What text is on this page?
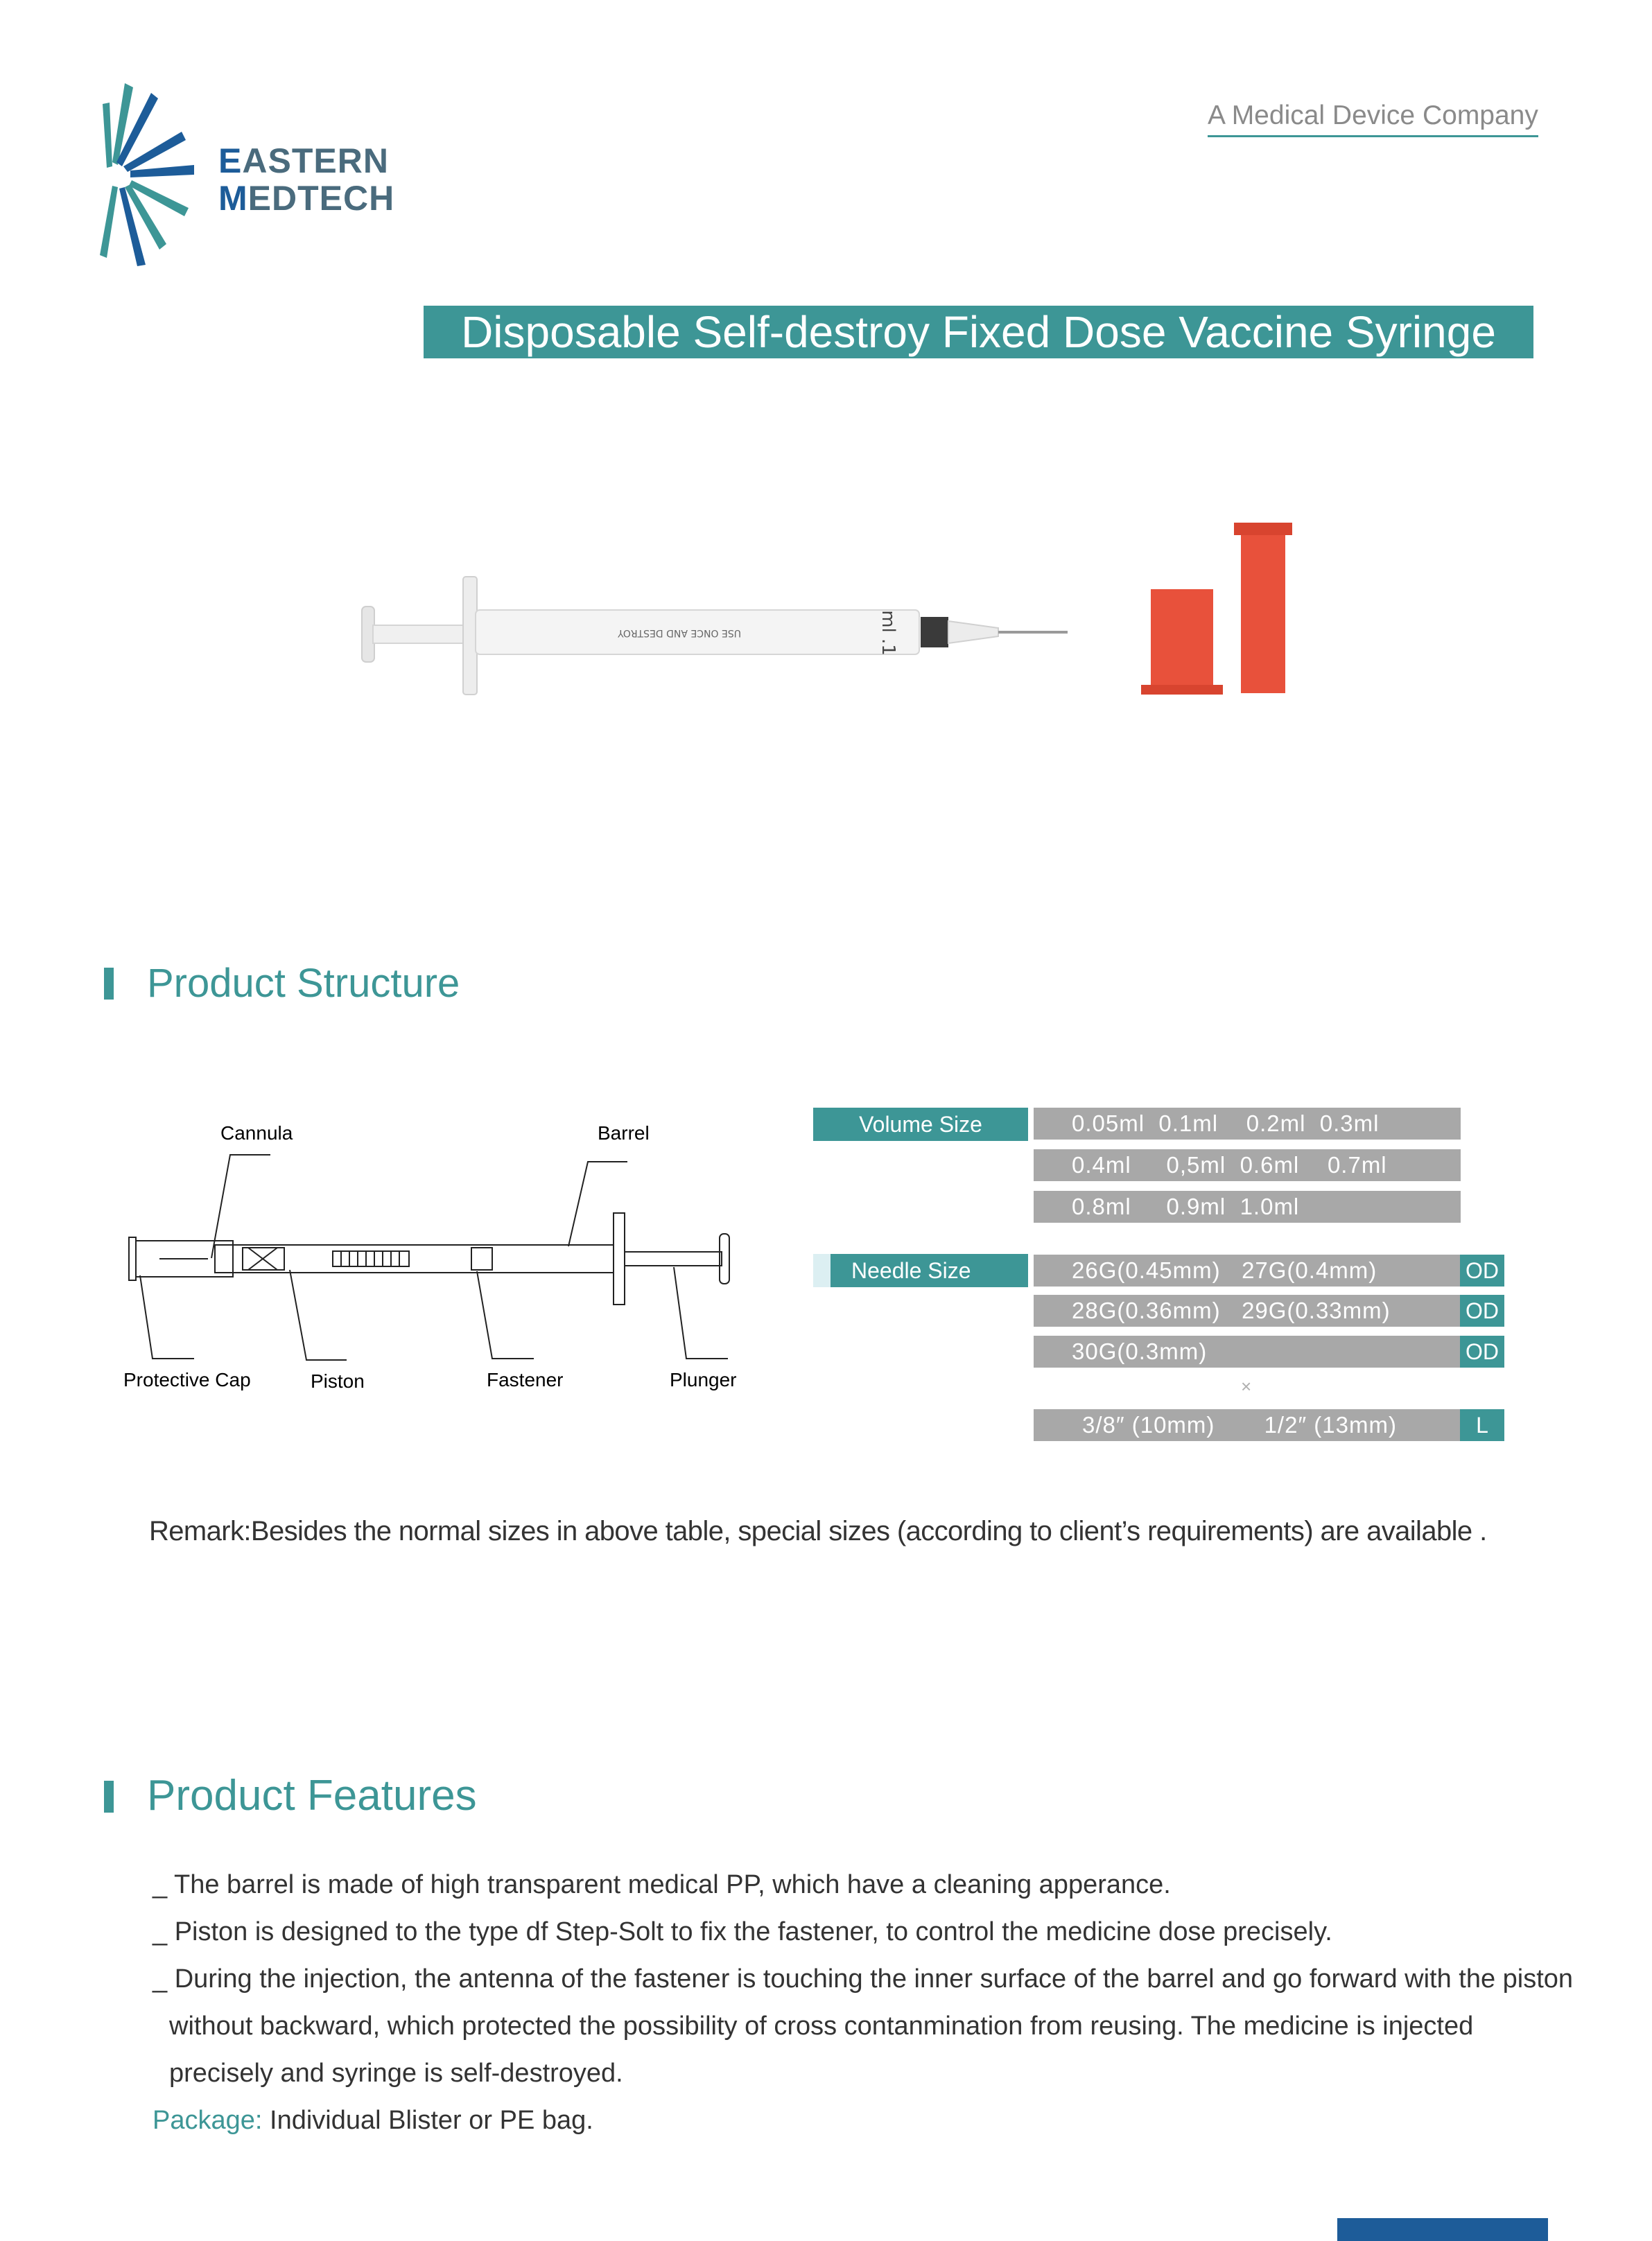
EASTERN
MEDTECH
A Medical Device Company
Disposable Self-destroy Fixed Dose Vaccine Syringe
USE ONCE AND DESTROY	ml .1
Product Structure
Cannula	Barrel
Protective Cap	Piston	Fastener	Plunger
Volume Size	0.05ml  0.1ml    0.2ml  0.3ml
0.4ml     0,5ml  0.6ml    0.7ml
0.8ml     0.9ml  1.0ml
Needle Size	26G(0.45mm)   27G(0.4mm)	OD
28G(0.36mm)   29G(0.33mm)	OD
30G(0.3mm)	OD
×
3/8″ (10mm)       1/2″ (13mm)	L
Remark:Besides the normal sizes in above table, special sizes (according to client’s requirements) are available .
Product Features
_ The barrel is made of high transparent medical PP, which have a cleaning apperance.
_ Piston is designed to the type df Step-Solt to fix the fastener, to control the medicine dose precisely.
_ During the injection, the antenna of the fastener is touching the inner surface of the barrel and go forward with the piston
without backward, which protected the possibility of cross contanmination from reusing. The medicine is injected
precisely and syringe is self-destroyed.
Package: Individual Blister or PE bag.
